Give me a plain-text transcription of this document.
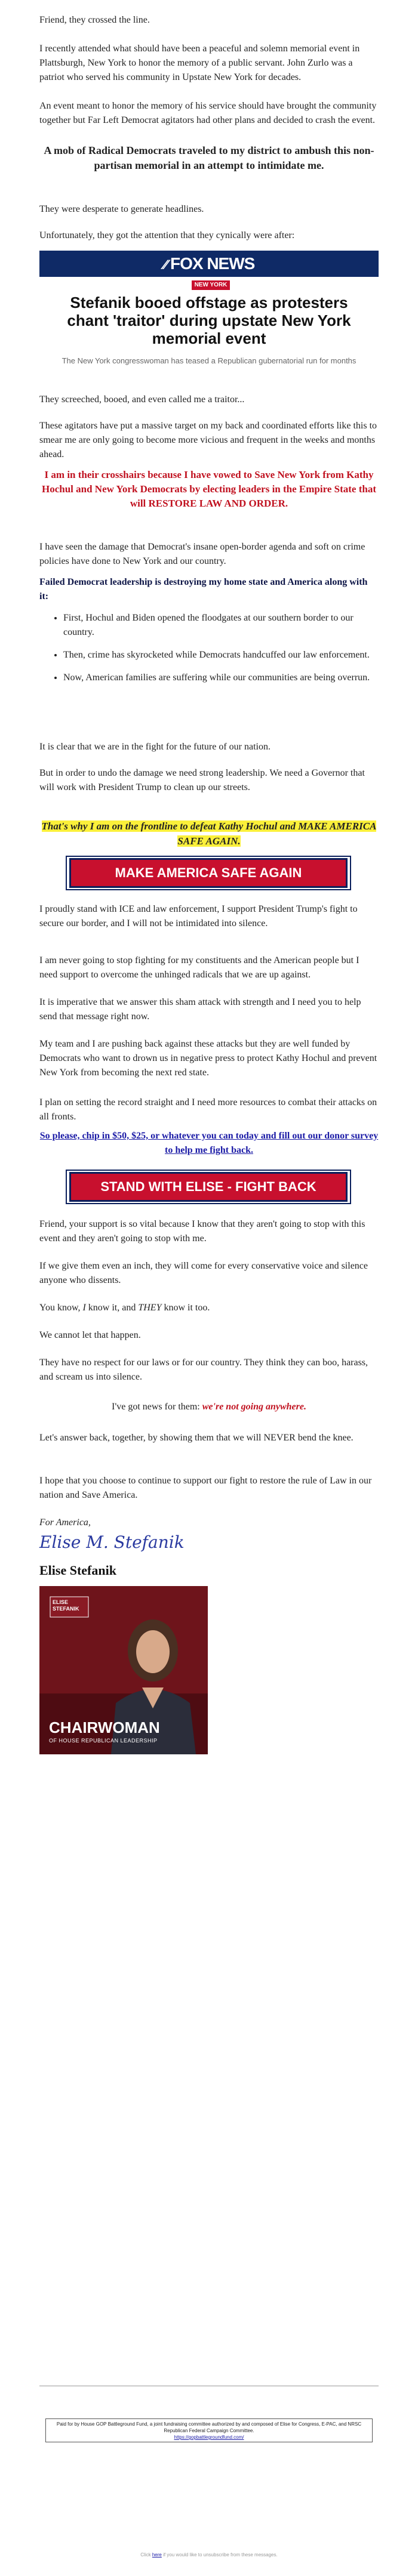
Friend, they crossed the line.

I recently attended what should have been a peaceful and solemn memorial event in Plattsburgh, New York to honor the memory of a public servant. John Zurlo was a patriot who served his community in Upstate New York for decades.

An event meant to honor the memory of his service should have brought the community together but Far Left Democrat agitators had other plans and decided to crash the event.

A mob of Radical Democrats traveled to my district to ambush this non-partisan memorial in an attempt to intimidate me.

They were desperate to generate headlines.

Unfortunately, they got the attention that they cynically were after:

⁄⁄ FOX NEWS
NEW YORK
Stefanik booed offstage as protesters chant 'traitor' during upstate New York memorial event
The New York congresswoman has teased a Republican gubernatorial run for months

They screeched, booed, and even called me a traitor...

These agitators have put a massive target on my back and coordinated efforts like this to smear me are only going to become more vicious and frequent in the weeks and months ahead.

I am in their crosshairs because I have vowed to Save New York from Kathy Hochul and New York Democrats by electing leaders in the Empire State that will RESTORE LAW AND ORDER.

I have seen the damage that Democrat's insane open-border agenda and soft on crime policies have done to New York and our country.

Failed Democrat leadership is destroying my home state and America along with it:

• First, Hochul and Biden opened the floodgates at our southern border to our country.
• Then, crime has skyrocketed while Democrats handcuffed our law enforcement.
• Now, American families are suffering while our communities are being overrun.

It is clear that we are in the fight for the future of our nation.

But in order to undo the damage we need strong leadership. We need a Governor that will work with President Trump to clean up our streets.

That's why I am on the frontline to defeat Kathy Hochul and MAKE AMERICA SAFE AGAIN.

MAKE AMERICA SAFE AGAIN

I proudly stand with ICE and law enforcement, I support President Trump's fight to secure our border, and I will not be intimidated into silence.

I am never going to stop fighting for my constituents and the American people but I need support to overcome the unhinged radicals that we are up against.

It is imperative that we answer this sham attack with strength and I need you to help send that message right now.

My team and I are pushing back against these attacks but they are well funded by Democrats who want to drown us in negative press to protect Kathy Hochul and prevent New York from becoming the next red state.

I plan on setting the record straight and I need more resources to combat their attacks on all fronts.

So please, chip in $50, $25, or whatever you can today and fill out our donor survey to help me fight back.

STAND WITH ELISE - FIGHT BACK

Friend, your support is so vital because I know that they aren't going to stop with this event and they aren't going to stop with me.

If we give them even an inch, they will come for every conservative voice and silence anyone who dissents.

You know, I know it, and THEY know it too.

We cannot let that happen.

They have no respect for our laws or for our country. They think they can boo, harass, and scream us into silence.

I've got news for them: we're not going anywhere.

Let's answer back, together, by showing them that we will NEVER bend the knee.

I hope that you choose to continue to support our fight to restore the rule of Law in our nation and Save America.

For America,

Elise M. Stefanik

Elise Stefanik

ELISE
STEFANIK
CHAIRWOMAN
OF HOUSE REPUBLICAN LEADERSHIP
Paid for by House GOP Battleground Fund, a joint fundraising committee authorized by and composed of Elise for Congress, E-PAC, and NRSC Republican Federal Campaign Committee.
https://gopbattlegroundfund.com/
Click here if you would like to unsubscribe from these messages.
